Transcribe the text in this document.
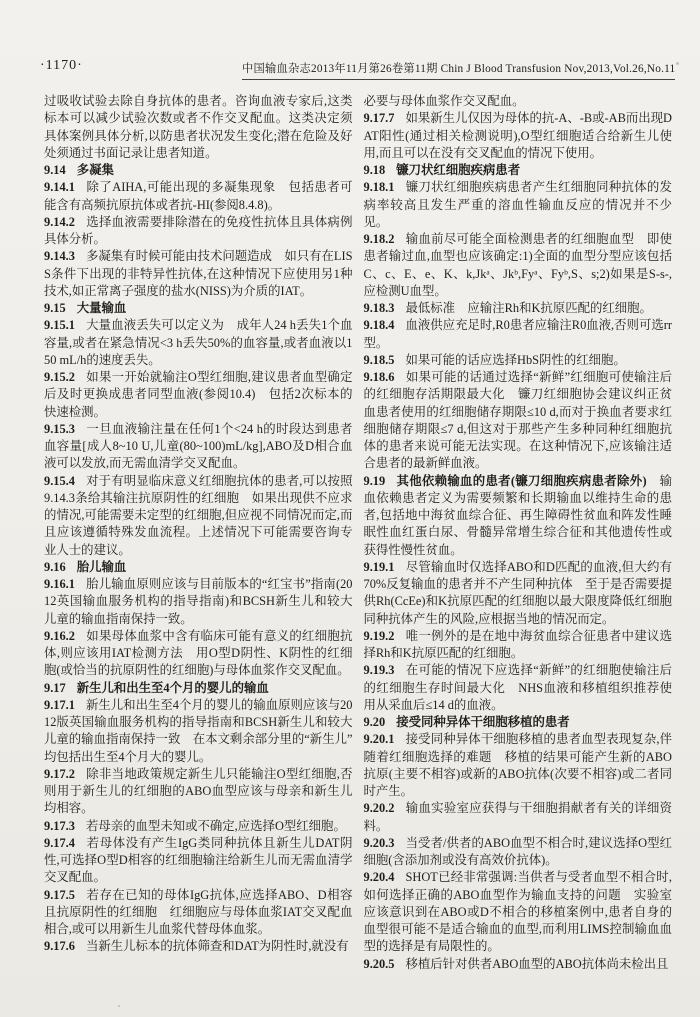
·1170·	中国输血杂志2013年11月第26卷第11期 Chin J Blood Transfusion Nov,2013,Vol.26,No.11

过吸收试验去除自身抗体的患者。咨询血液专家后,这类标本可以减少试验次数或者不作交叉配血。这类决定须具体案例具体分析,以防患者状况发生变化;潜在危险及好处须通过书面记录让患者知道。

9.14 多凝集

9.14.1 除了AIHA,可能出现的多凝集现象　包括患者可能含有高频抗原抗体或者抗-HI(参阅8.4.8)。

9.14.2 选择血液需要排除潜在的免疫性抗体且具体病例具体分析。

9.14.3 多凝集有时候可能由技术问题造成　如只有在LISS条件下出现的非特异性抗体,在这种情况下应使用另1种技术,如正常离子强度的盐水(NISS)为介质的IAT。

9.15 大量输血

9.15.1 大量血液丢失可以定义为　成年人24 h丢失1个血容量,或者在紧急情况<3 h丢失50%的血容量,或者血液以150 mL/h的速度丢失。

9.15.2 如果一开始就输注O型红细胞,建议患者血型确定后及时更换成患者同型血液(参阅10.4)　包括2次标本的快速检测。

9.15.3 一旦血液输注量在任何1个<24 h的时段达到患者血容量[成人8~10 U,儿童(80~100)mL/kg],ABO及D相合血液可以发放,而无需血清学交叉配血。

9.15.4 对于有明显临床意义红细胞抗体的患者,可以按照9.14.3条给其输注抗原阴性的红细胞　如果出现供不应求的情况,可能需要未定型的红细胞,但应视不同情况而定,而且应该遵循特殊发血流程。上述情况下可能需要咨询专业人士的建议。

9.16 胎儿输血

9.16.1 胎儿输血原则应该与目前版本的“红宝书”指南(2012英国输血服务机构的指导指南)和BCSH新生儿和较大儿童的输血指南保持一致。

9.16.2 如果母体血浆中含有临床可能有意义的红细胞抗体,则应该用IAT检测方法　用O型D阴性、K阴性的红细胞(或恰当的抗原阴性的红细胞)与母体血浆作交叉配血。

9.17 新生儿和出生至4个月的婴儿的输血

9.17.1 新生儿和出生至4个月的婴儿的输血原则应该与2012版英国输血服务机构的指导指南和BCSH新生儿和较大儿童的输血指南保持一致　在本文剩余部分里的“新生儿”均包括出生至4个月大的婴儿。

9.17.2 除非当地政策规定新生儿只能输注O型红细胞,否则用于新生儿的红细胞的ABO血型应该与母亲和新生儿均相容。

9.17.3 若母亲的血型未知或不确定,应选择O型红细胞。

9.17.4 若母体没有产生IgG类同种抗体且新生儿DAT阴性,可选择O型D相容的红细胞输注给新生儿而无需血清学交叉配血。

9.17.5 若存在已知的母体IgG抗体,应选择ABO、D相容且抗原阴性的红细胞　红细胞应与母体血浆IAT交叉配血相合,或可以用新生儿血浆代替母体血浆。

9.17.6 当新生儿标本的抗体筛查和DAT为阴性时,就没有

必要与母体血浆作交叉配血。

9.17.7 如果新生儿仅因为母体的抗-A、-B或-AB而出现DAT阳性(通过相关检测说明),O型红细胞适合给新生儿使用,而且可以在没有交叉配血的情况下使用。

9.18 镰刀状红细胞疾病患者

9.18.1 镰刀状红细胞疾病患者产生红细胞同种抗体的发病率较高且发生严重的溶血性输血反应的情况并不少见。

9.18.2 输血前尽可能全面检测患者的红细胞血型　即使患者输过血,血型也应该确定:1)全面的血型分型应该包括C、c、E、e、K、k,Jkᵃ、Jkᵇ,Fyᵃ、Fyᵇ,S、s;2)如果是S-s-,应检测U血型。

9.18.3 最低标准　应输注Rh和K抗原匹配的红细胞。

9.18.4 血液供应充足时,R0患者应输注R0血液,否则可选rr型。

9.18.5 如果可能的话应选择HbS阴性的红细胞。

9.18.6 如果可能的话通过选择“新鲜”红细胞可使输注后的红细胞存活期限最大化　镰刀红细胞协会建议纠正贫血患者使用的红细胞储存期限≤10 d,而对于换血者要求红细胞储存期限≤7 d,但这对于那些产生多种同种红细胞抗体的患者来说可能无法实现。在这种情况下,应该输注适合患者的最新鲜血液。

9.19 其他依赖输血的患者(镰刀细胞疾病患者除外)　输血依赖患者定义为需要频繁和长期输血以维持生命的患者,包括地中海贫血综合征、再生障碍性贫血和阵发性睡眠性血红蛋白尿、骨髓异常增生综合征和其他遗传性或获得性慢性贫血。

9.19.1 尽管输血时仅选择ABO和D匹配的血液,但大约有70%反复输血的患者并不产生同种抗体　至于是否需要提供Rh(CcEe)和K抗原匹配的红细胞以最大限度降低红细胞同种抗体产生的风险,应根据当地的情况而定。

9.19.2 唯一例外的是在地中海贫血综合征患者中建议选择Rh和K抗原匹配的红细胞。

9.19.3 在可能的情况下应选择“新鲜”的红细胞使输注后的红细胞生存时间最大化　NHS血液和移植组织推荐使用从采血后≤14 d的血液。

9.20 接受同种异体干细胞移植的患者

9.20.1 接受同种异体干细胞移植的患者血型表现复杂,伴随着红细胞选择的难题　移植的结果可能产生新的ABO抗原(主要不相容)或新的ABO抗体(次要不相容)或二者同时产生。

9.20.2 输血实验室应获得与干细胞捐献者有关的详细资料。

9.20.3 当受者/供者的ABO血型不相合时,建议选择O型红细胞(含添加剂或没有高效价抗体)。

9.20.4 SHOT已经非常强调:当供者与受者血型不相合时,如何选择正确的ABO血型作为输血支持的问题　实验室应该意识到在ABO或D不相合的移植案例中,患者自身的血型很可能不是适合输血的血型,而利用LIMS控制输血血型的选择是有局限性的。

9.20.5 移植后针对供者ABO血型的ABO抗体尚未检出且
